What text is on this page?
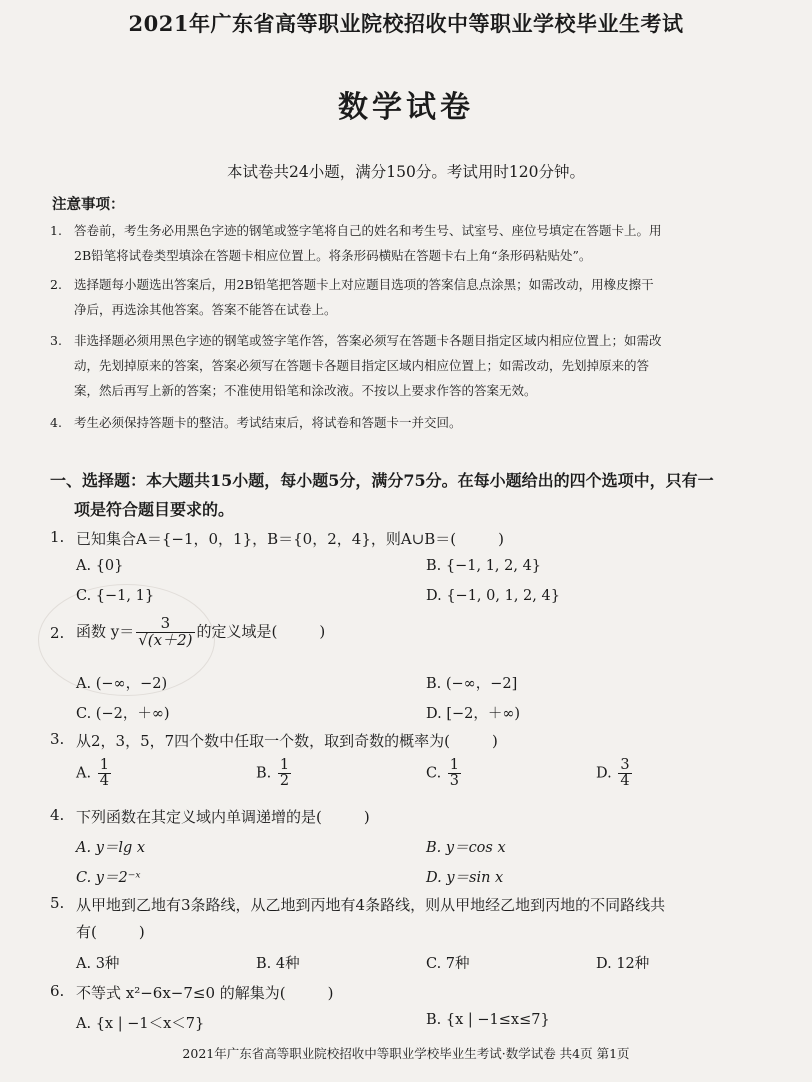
2021年广东省高等职业院校招收中等职业学校毕业生考试
数学试卷
本试卷共24小题，满分150分。考试用时120分钟。
注意事项：
1. 答卷前，考生务必用黑色字迹的钢笔或签字笔将自己的姓名和考生号、试室号、座位号填定在答题卡上。用
2B铅笔将试卷类型填涂在答题卡相应位置上。将条形码横贴在答题卡右上角“条形码粘贴处”。
2. 选择题每小题选出答案后，用2B铅笔把答题卡上对应题目选项的答案信息点涂黑；如需改动，用橡皮擦干
净后，再选涂其他答案。答案不能答在试卷上。
3. 非选择题必须用黑色字迹的钢笔或签字笔作答，答案必须写在答题卡各题目指定区域内相应位置上；如需改
动，先划掉原来的答案，答案必须写在答题卡各题目指定区域内相应位置上；如需改动，先划掉原来的答
案，然后再写上新的答案；不准使用铅笔和涂改液。不按以上要求作答的答案无效。
4. 考生必须保持答题卡的整洁。考试结束后，将试卷和答题卡一并交回。
一、选择题：本大题共15小题，每小题5分，满分75分。在每小题给出的四个选项中，只有一
项是符合题目要求的。
1. 已知集合A＝{−1，0，1}，B＝{0，2，4}，则A∪B＝(	)
A. {0}	B. {−1, 1, 2, 4}
C. {−1, 1}	D. {−1, 0, 1, 2, 4}
2. 函数 $y= \frac{3}{√(x+2)}$ 的定义域是(	)
A. (−∞，−2)	B. (−∞，−2]
C. (−2，＋∞)	D. [−2，＋∞)
3. 从2，3，5，7四个数中任取一个数，取到奇数的概率为(	)
A. $\frac{1}{4}$	B. $\frac{1}{2}$	C. $\frac{1}{3}$	D. $\frac{3}{4}$
4. 下列函数在其定义域内单调递增的是(	)
A. y＝lg x	B. y＝cos x
C. y＝2⁻ˣ	D. y＝sin x
5. 从甲地到乙地有3条路线，从乙地到丙地有4条路线，则从甲地经乙地到丙地的不同路线共
有(	)
A. 3种	B. 4种	C. 7种	D. 12种
6. 不等式 x²−6x−7≤0 的解集为(	)
A. {x | −1＜x＜7}	B. {x | −1≤x≤7}
2021年广东省高等职业院校招收中等职业学校毕业生考试·数学试卷 共4页 第1页
